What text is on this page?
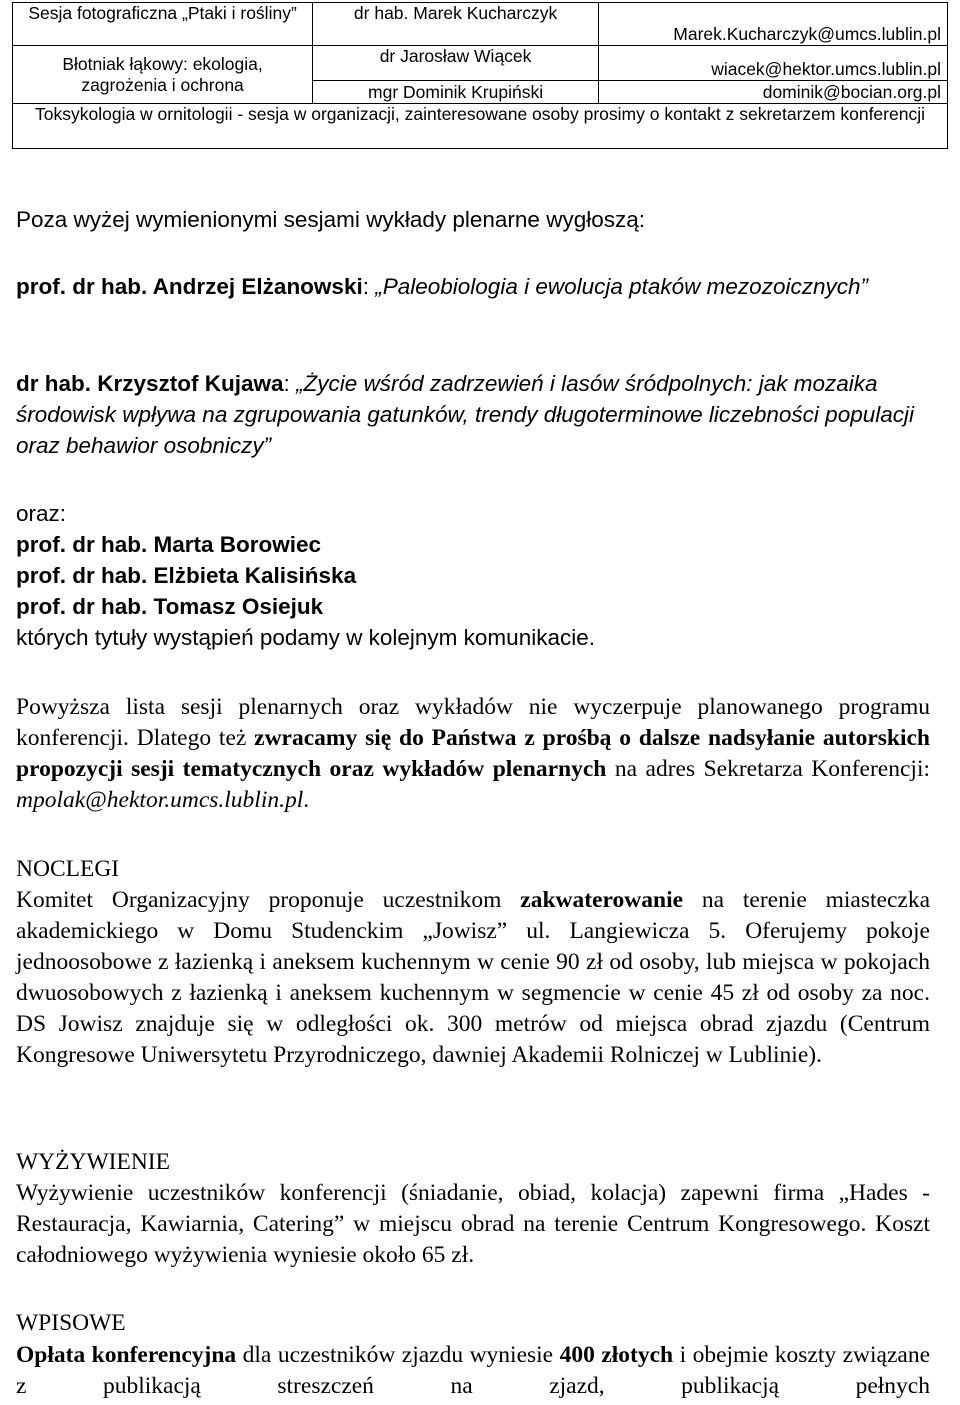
Sesja fotograficzna „Ptaki i rośliny”	dr hab. Marek Kucharczyk	Marek.Kucharczyk@umcs.lublin.pl
Błotniak łąkowy: ekologia, zagrożenia i ochrona	dr Jarosław Wiącek	wiacek@hektor.umcs.lublin.pl
	mgr Dominik Krupiński	dominik@bocian.org.pl
Toksykologia w ornitologii - sesja w organizacji, zainteresowane osoby prosimy o kontakt z sekretarzem konferencji		
Poza wyżej wymienionymi sesjami wykłady plenarne wygłoszą:
prof. dr hab. Andrzej Elżanowski: „Paleobiologia i ewolucja ptaków mezozoicznych”
dr hab. Krzysztof Kujawa: „Życie wśród zadrzewień i lasów śródpolnych: jak mozaika środowisk wpływa na zgrupowania gatunków, trendy długoterminowe liczebności populacji oraz behawior osobniczy”
oraz:
prof. dr hab. Marta Borowiec
prof. dr hab. Elżbieta Kalisińska
prof. dr hab. Tomasz Osiejuk
których tytuły wystąpień podamy w kolejnym komunikacie.
Powyższa lista sesji plenarnych oraz wykładów nie wyczerpuje planowanego programu konferencji. Dlatego też zwracamy się do Państwa z prośbą o dalsze nadsyłanie autorskich propozycji sesji tematycznych oraz wykładów plenarnych na adres Sekretarza Konferencji: mpolak@hektor.umcs.lublin.pl.
NOCLEGI
Komitet Organizacyjny proponuje uczestnikom zakwaterowanie na terenie miasteczka akademickiego w Domu Studenckim „Jowisz” ul. Langiewicza 5. Oferujemy pokoje jednoosobowe z łazienką i aneksem kuchennym w cenie 90 zł od osoby, lub miejsca w pokojach dwuosobowych z łazienką i aneksem kuchennym w segmencie w cenie 45 zł od osoby za noc. DS Jowisz znajduje się w odległości ok. 300 metrów od miejsca obrad zjazdu (Centrum Kongresowe Uniwersytetu Przyrodniczego, dawniej Akademii Rolniczej w Lublinie).
WYŻYWIENIE
Wyżywienie uczestników konferencji (śniadanie, obiad, kolacja) zapewni firma „Hades - Restauracja, Kawiarnia, Catering” w miejscu obrad na terenie Centrum Kongresowego. Koszt całodniowego wyżywienia wyniesie około 65 zł.
WPISOWE
Opłata konferencyjna dla uczestników zjazdu wyniesie 400 złotych i obejmie koszty związane z publikacją streszczeń na zjazd, publikacją pełnych
